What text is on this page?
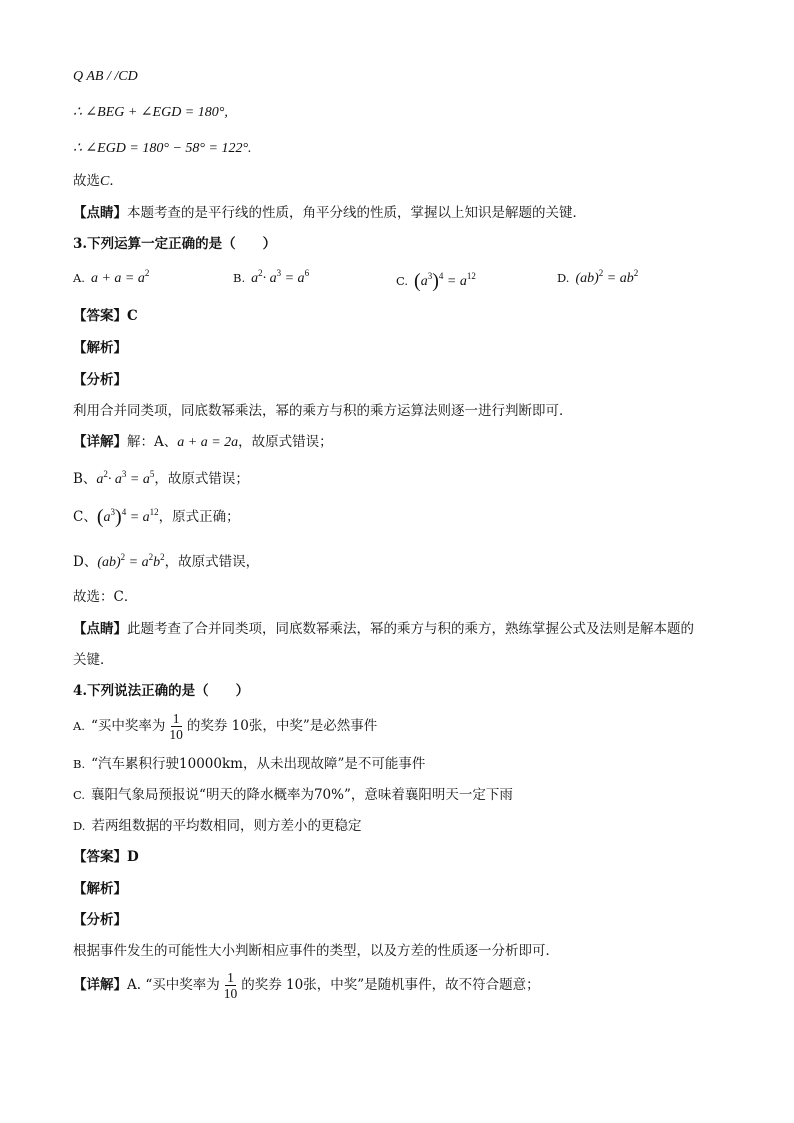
Q AB / /CD
∴ ∠BEG + ∠EGD = 180°,
∴ ∠EGD = 180° − 58° = 122°.
故选C．
【点睛】本题考查的是平行线的性质，角平分线的性质，掌握以上知识是解题的关键．
3.下列运算一定正确的是（　　）
A. $a + a = a^2$	B. $a^2\cdot a^3 = a^6$
C. $(a^3)^4 = a^{12}$	D. $(ab)^2 = ab^2$
【答案】C
【解析】
【分析】
利用合并同类项，同底数幂乘法，幂的乘方与积的乘方运算法则逐一进行判断即可．
【详解】解：A、a + a = 2a，故原式错误；
B、$a^2\cdot a^3 = a^5$，故原式错误；
C、$(a^3)^4 = a^{12}$，原式正确；
D、$(ab)^2 = a^2b^2$，故原式错误，
故选：C．
【点睛】此题考查了合并同类项，同底数幂乘法，幂的乘方与积的乘方，熟练掌握公式及法则是解本题的
关键．
4.下列说法正确的是（　　）
A. “买中奖率为 $\frac{1}{10}$ 的奖券 10张，中奖”是必然事件
B. “汽车累积行驶10000km，从未出现故障”是不可能事件
C. 襄阳气象局预报说“明天的降水概率为70%”，意味着襄阳明天一定下雨
D. 若两组数据的平均数相同，则方差小的更稳定
【答案】D
【解析】
【分析】
根据事件发生的可能性大小判断相应事件的类型，以及方差的性质逐一分析即可．
【详解】A. “买中奖率为 $\frac{1}{10}$ 的奖券 10张，中奖”是随机事件，故不符合题意；
